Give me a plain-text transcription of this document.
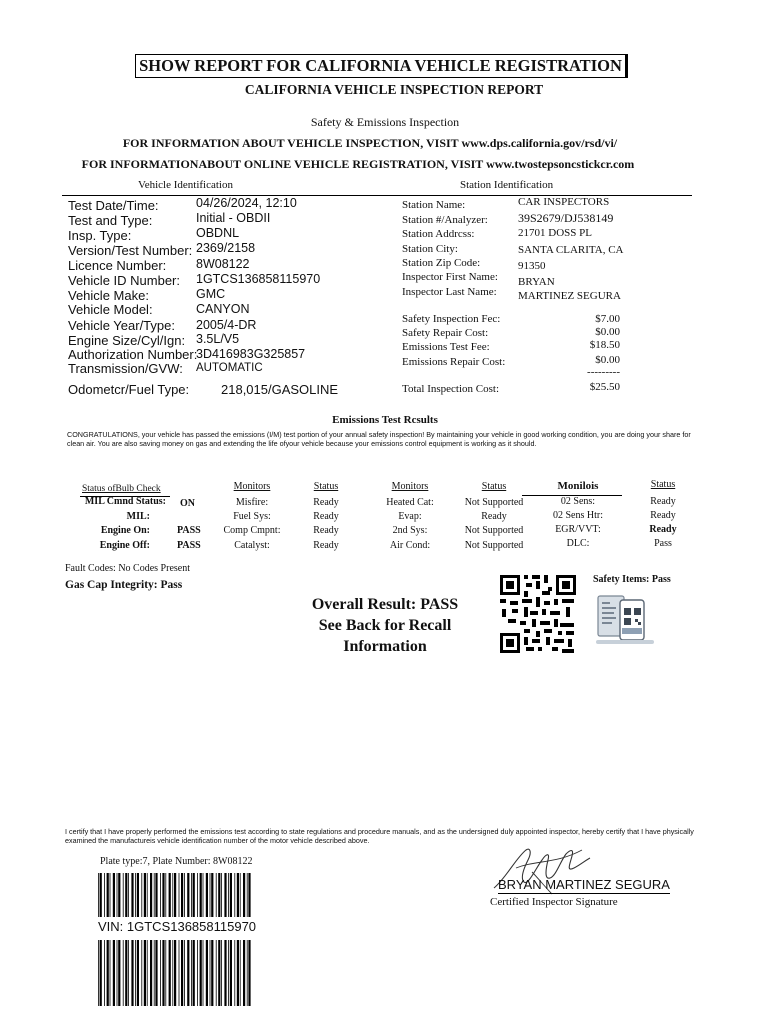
SHOW REPORT FOR CALIFORNIA VEHICLE REGISTRATION
CALIFORNIA VEHICLE INSPECTION REPORT
Safety & Emissions Inspection
FOR INFORMATION ABOUT VEHICLE INSPECTION, VISIT www.dps.california.gov/rsd/vi/
FOR INFORMATIONABOUT ONLINE VEHICLE REGISTRATION, VISIT www.twostepsoncstickcr.com
Vehicle Identification	Station Identification
Test Date/Time:	04/26/2024, 12:10
Test and Type:	Initial - OBDII
Insp. Type:	OBDNL
Version/Test Number: 2369/2158
Licence Number: 8W08122
Vehicle ID Number: 1GTCS136858115970
Vehicle Make:	GMC
Vehicle Model:	CANYON
Vehicle Year/Type: 2005/4-DR
Engine Size/Cyl/Ign: 3.5L/V5
Authorization Number:
3D416983G325857
Transmission/GVW: AUTOMATIC
Odometcr/Fuel Type: 218,015/GASOLINE
Station Name:	CAR INSPECTORS
Station #/Analyzer:	39S2679/DJ538149
Station Addrcss:	21701 DOSS PL
Station City:	SANTA CLARITA, CA
Station Zip Code:	91350
Inspector First Name: BRYAN
Inspector Last Name: MARTINEZ SEGURA
Safety Inspection Fec:	$7.00
Safety Repair Cost:	$0.00
Emissions Test Fee:	$18.50
Emissions Repair Cost:	$0.00
---------
Total Inspection Cost:	$25.50
Emissions Test Rcsults
CONGRATULATIONS, your vehicle has passed the emissions (I/M) test portion of your annual safety inspection! By maintaining your vehicle in good working condition, you are doing your share for clean air. You are also saving money on gas and extending the life ofyour vehicle because your emissions control equipment is working as it should.
Status ofBulb Check
MIL Cmnd Status: ON
MIL:
Engine On:	PASS
Engine Off:	PASS
Monitors	Status
Misfire:	Ready
Fuel Sys:	Ready
Comp Cmpnt:	Ready
Catalyst:	Ready
Monitors	Status
Heated Cat:	Not Supported
Evap:	Ready
2nd Sys:	Not Supported
Air Cond:	Not Supported
Monilois	Status
02 Sens:	Ready
02 Sens Htr:	Ready
EGR/VVT:	Ready
DLC:	Pass
Fault Codes: No Codes Present
Gas Cap Integrity: Pass
Overall Result: PASS
See Back for Recall
Information
Safety Items: Pass
I certify that I have properly performed the emissions test according to state regulations and procedure manuals, and as the undersigned duly appointed inspector, hereby certify that I have physically examined the manufactureis vehicle identification number of the motor vehicle described above.
Plate type:7, Plate Number: 8W08122
VIN: 1GTCS136858115970
BRYAN MARTINEZ SEGURA
Certified Inspector Signature
